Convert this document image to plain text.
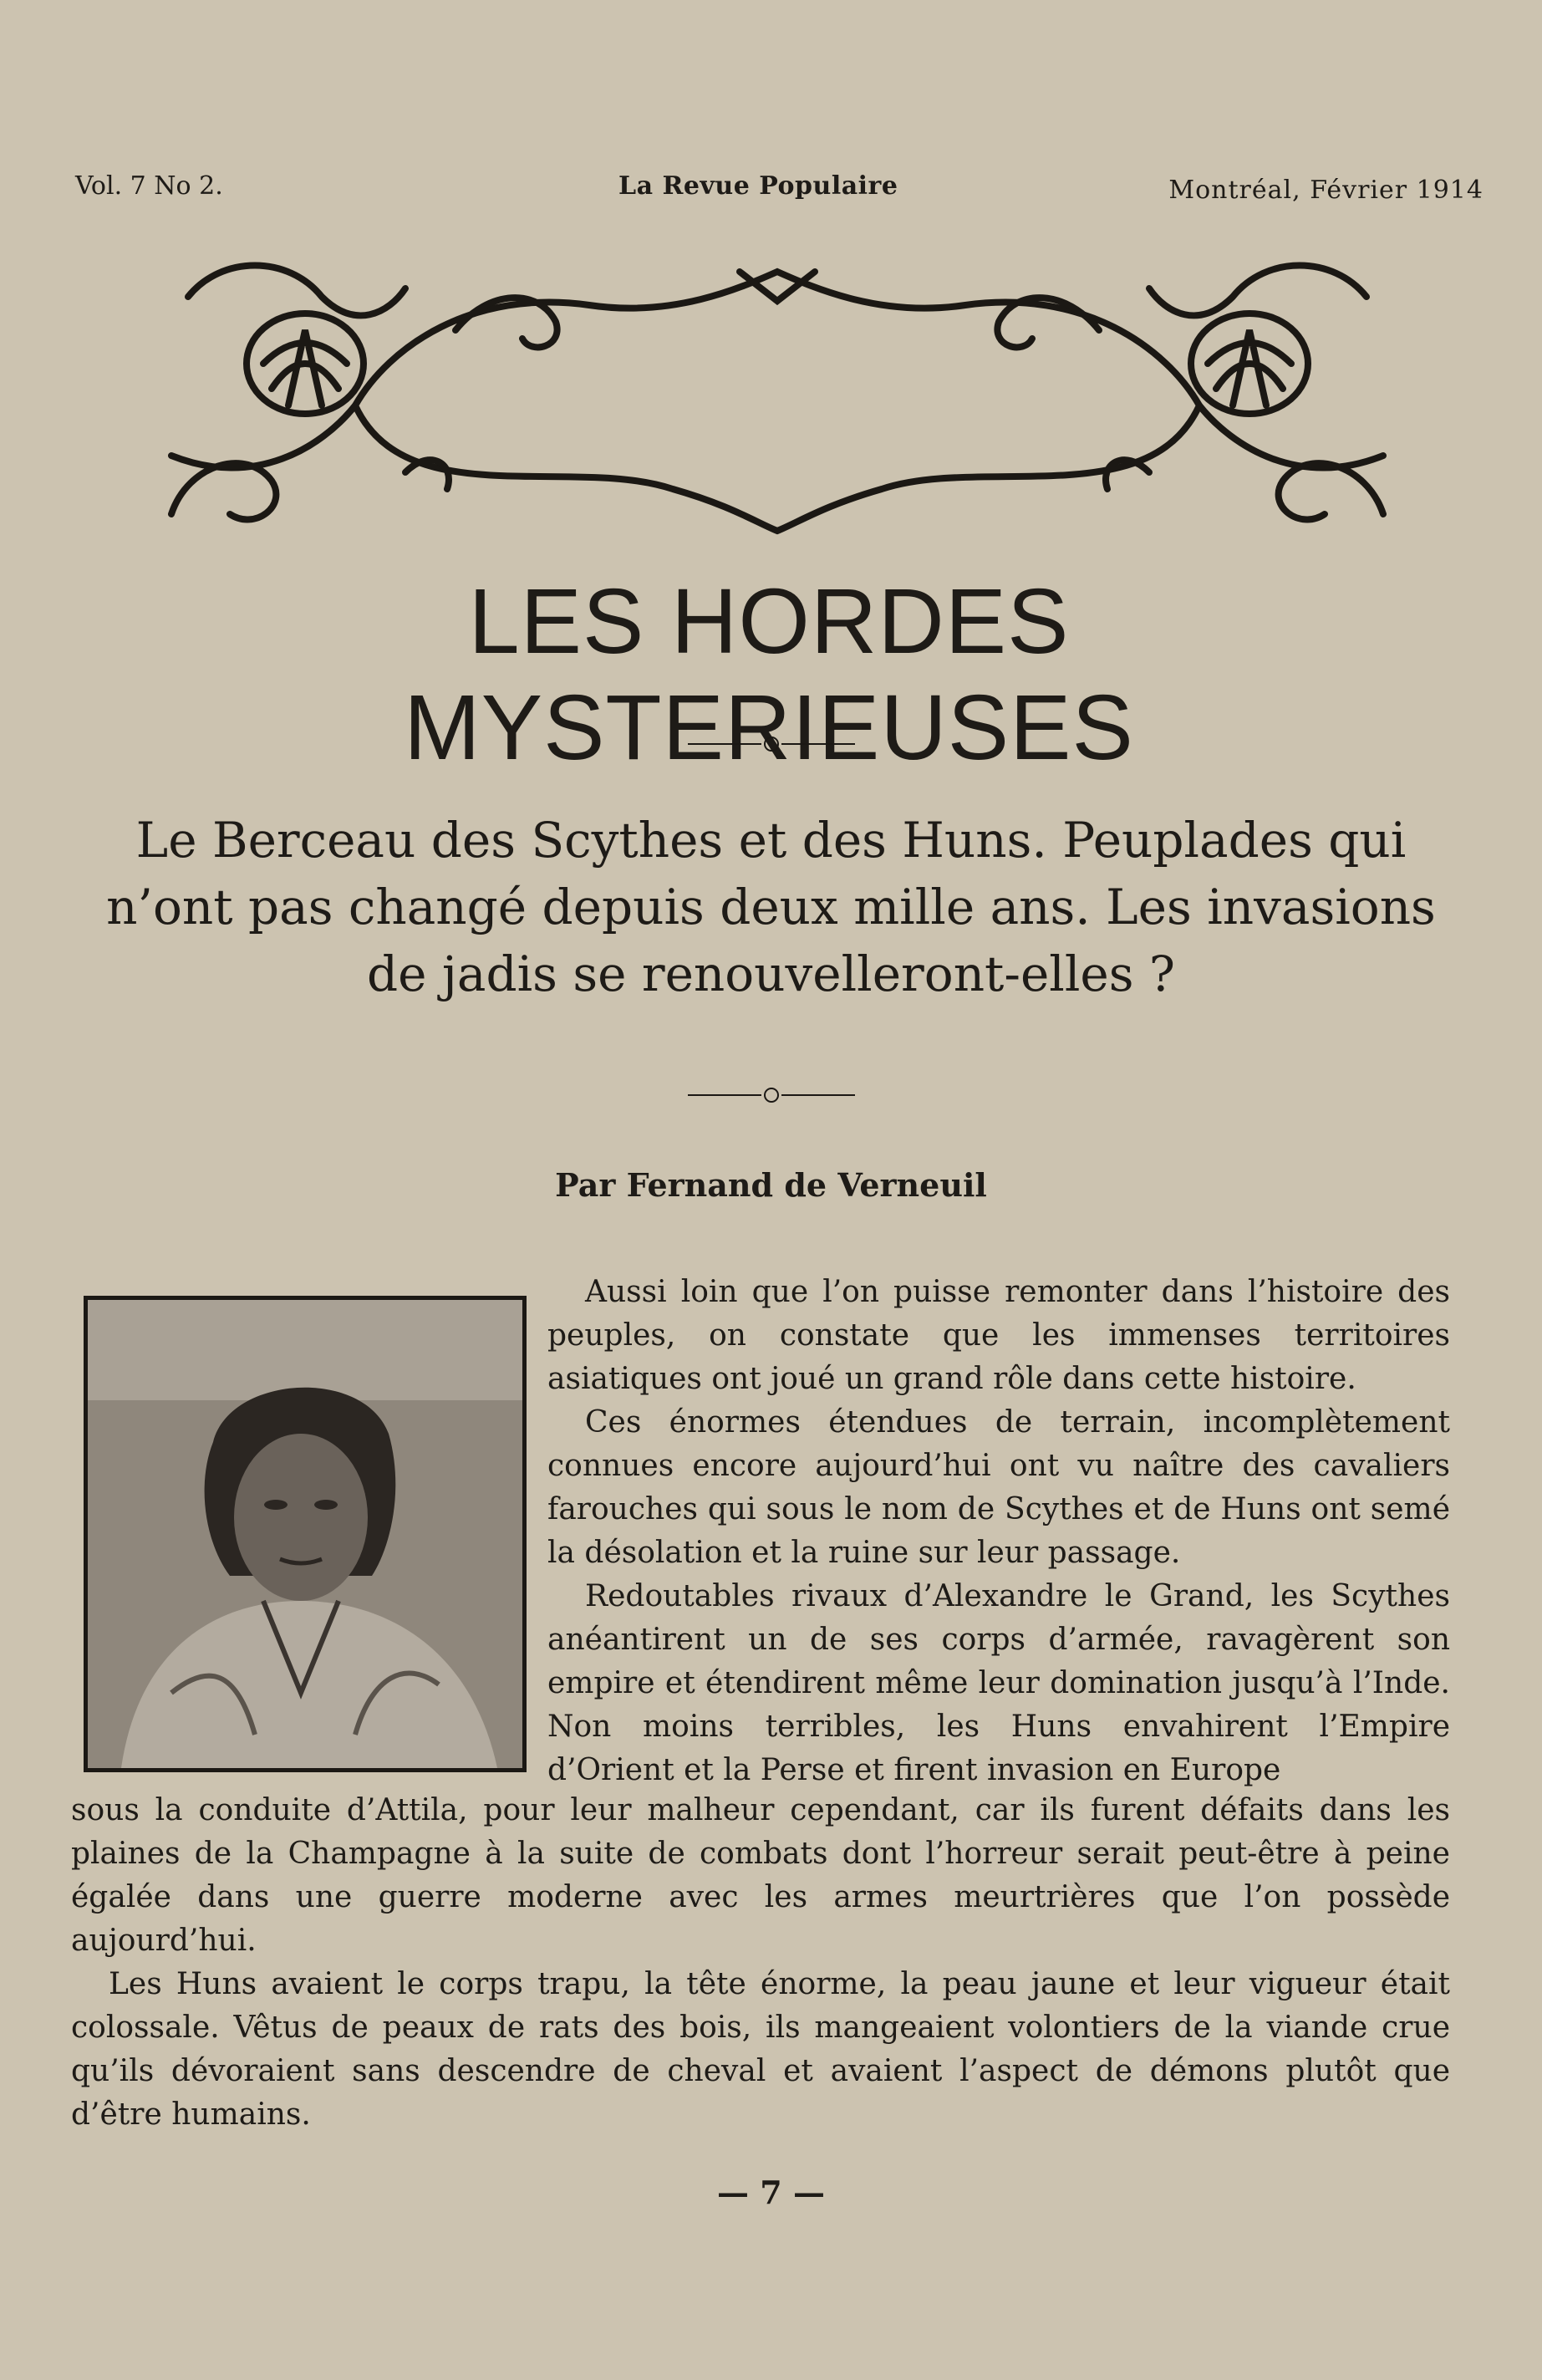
Vol. 7 No 2.	La Revue Populaire	Montréal, Février 1914
LES HORDES MYSTERIEUSES

Le Berceau des Scythes et des Huns. Peuplades qui n’ont pas changé depuis deux mille ans. Les invasions de jadis se renouvelleront-elles ?

Par Fernand de Verneuil

Aussi loin que l’on puisse remonter dans l’histoire des peuples, on constate que les immenses territoires asiatiques ont joué un grand rôle dans cette histoire.

Ces énormes étendues de terrain, incomplètement connues encore aujourd’hui ont vu naître des cavaliers farouches qui sous le nom de Scythes et de Huns ont semé la désolation et la ruine sur leur passage.

Redoutables rivaux d’Alexandre le Grand, les Scythes anéantirent un de ses corps d’armée, ravagèrent son empire et étendirent même leur domination jusqu’à l’Inde. Non moins terribles, les Huns envahirent l’Empire d’Orient et la Perse et firent invasion en Europe

sous la conduite d’Attila, pour leur malheur cependant, car ils furent défaits dans les plaines de la Champagne à la suite de combats dont l’horreur serait peut-être à peine égalée dans une guerre moderne avec les armes meurtrières que l’on possède aujourd’hui.

Les Huns avaient le corps trapu, la tête énorme, la peau jaune et leur vigueur était colossale. Vêtus de peaux de rats des bois, ils mangeaient volontiers de la viande crue qu’ils dévoraient sans descendre de cheval et avaient l’aspect de démons plutôt que d’être humains.

— 7 —
